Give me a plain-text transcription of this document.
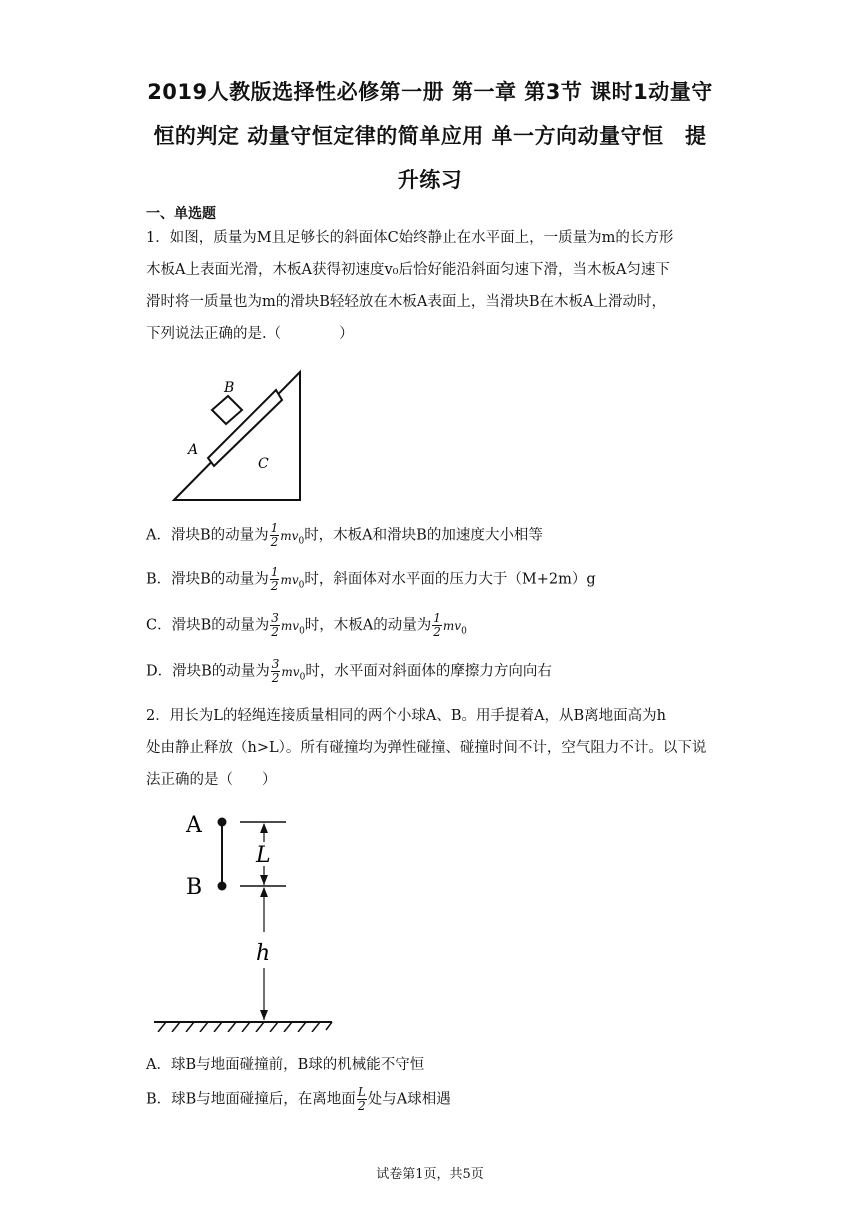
2019人教版选择性必修第一册 第一章 第3节 课时1动量守
恒的判定 动量守恒定律的简单应用 单一方向动量守恒　提
升练习
一、单选题
1．如图，质量为M且足够长的斜面体C始终静止在水平面上，一质量为m的长方形
木板A上表面光滑，木板A获得初速度v₀后恰好能沿斜面匀速下滑，当木板A匀速下
滑时将一质量也为m的滑块B轻轻放在木板A表面上，当滑块B在木板A上滑动时，
下列说法正确的是.（　　　　）
B
A
C
A．滑块B的动量为 $\frac{1}{2} mv_0$时，木板A和滑块B的加速度大小相等
B．滑块B的动量为 $\frac{1}{2} mv_0$时，斜面体对水平面的压力大于（M+2m）g
C．滑块B的动量为 $\frac{3}{2} mv_0$时，木板A的动量为 $\frac{1}{2} mv_0$
D．滑块B的动量为 $\frac{3}{2} mv_0$时，水平面对斜面体的摩擦力方向向右
2．用长为L的轻绳连接质量相同的两个小球A、B。用手提着A，从B离地面高为h
处由静止释放（h>L）。所有碰撞均为弹性碰撞、碰撞时间不计，空气阻力不计。以下说
法正确的是（　　）
A
B
L
h
A．球B与地面碰撞前，B球的机械能不守恒
B．球B与地面碰撞后，在离地面 $\frac{L}{2}$ 处与A球相遇
试卷第1页，共5页
